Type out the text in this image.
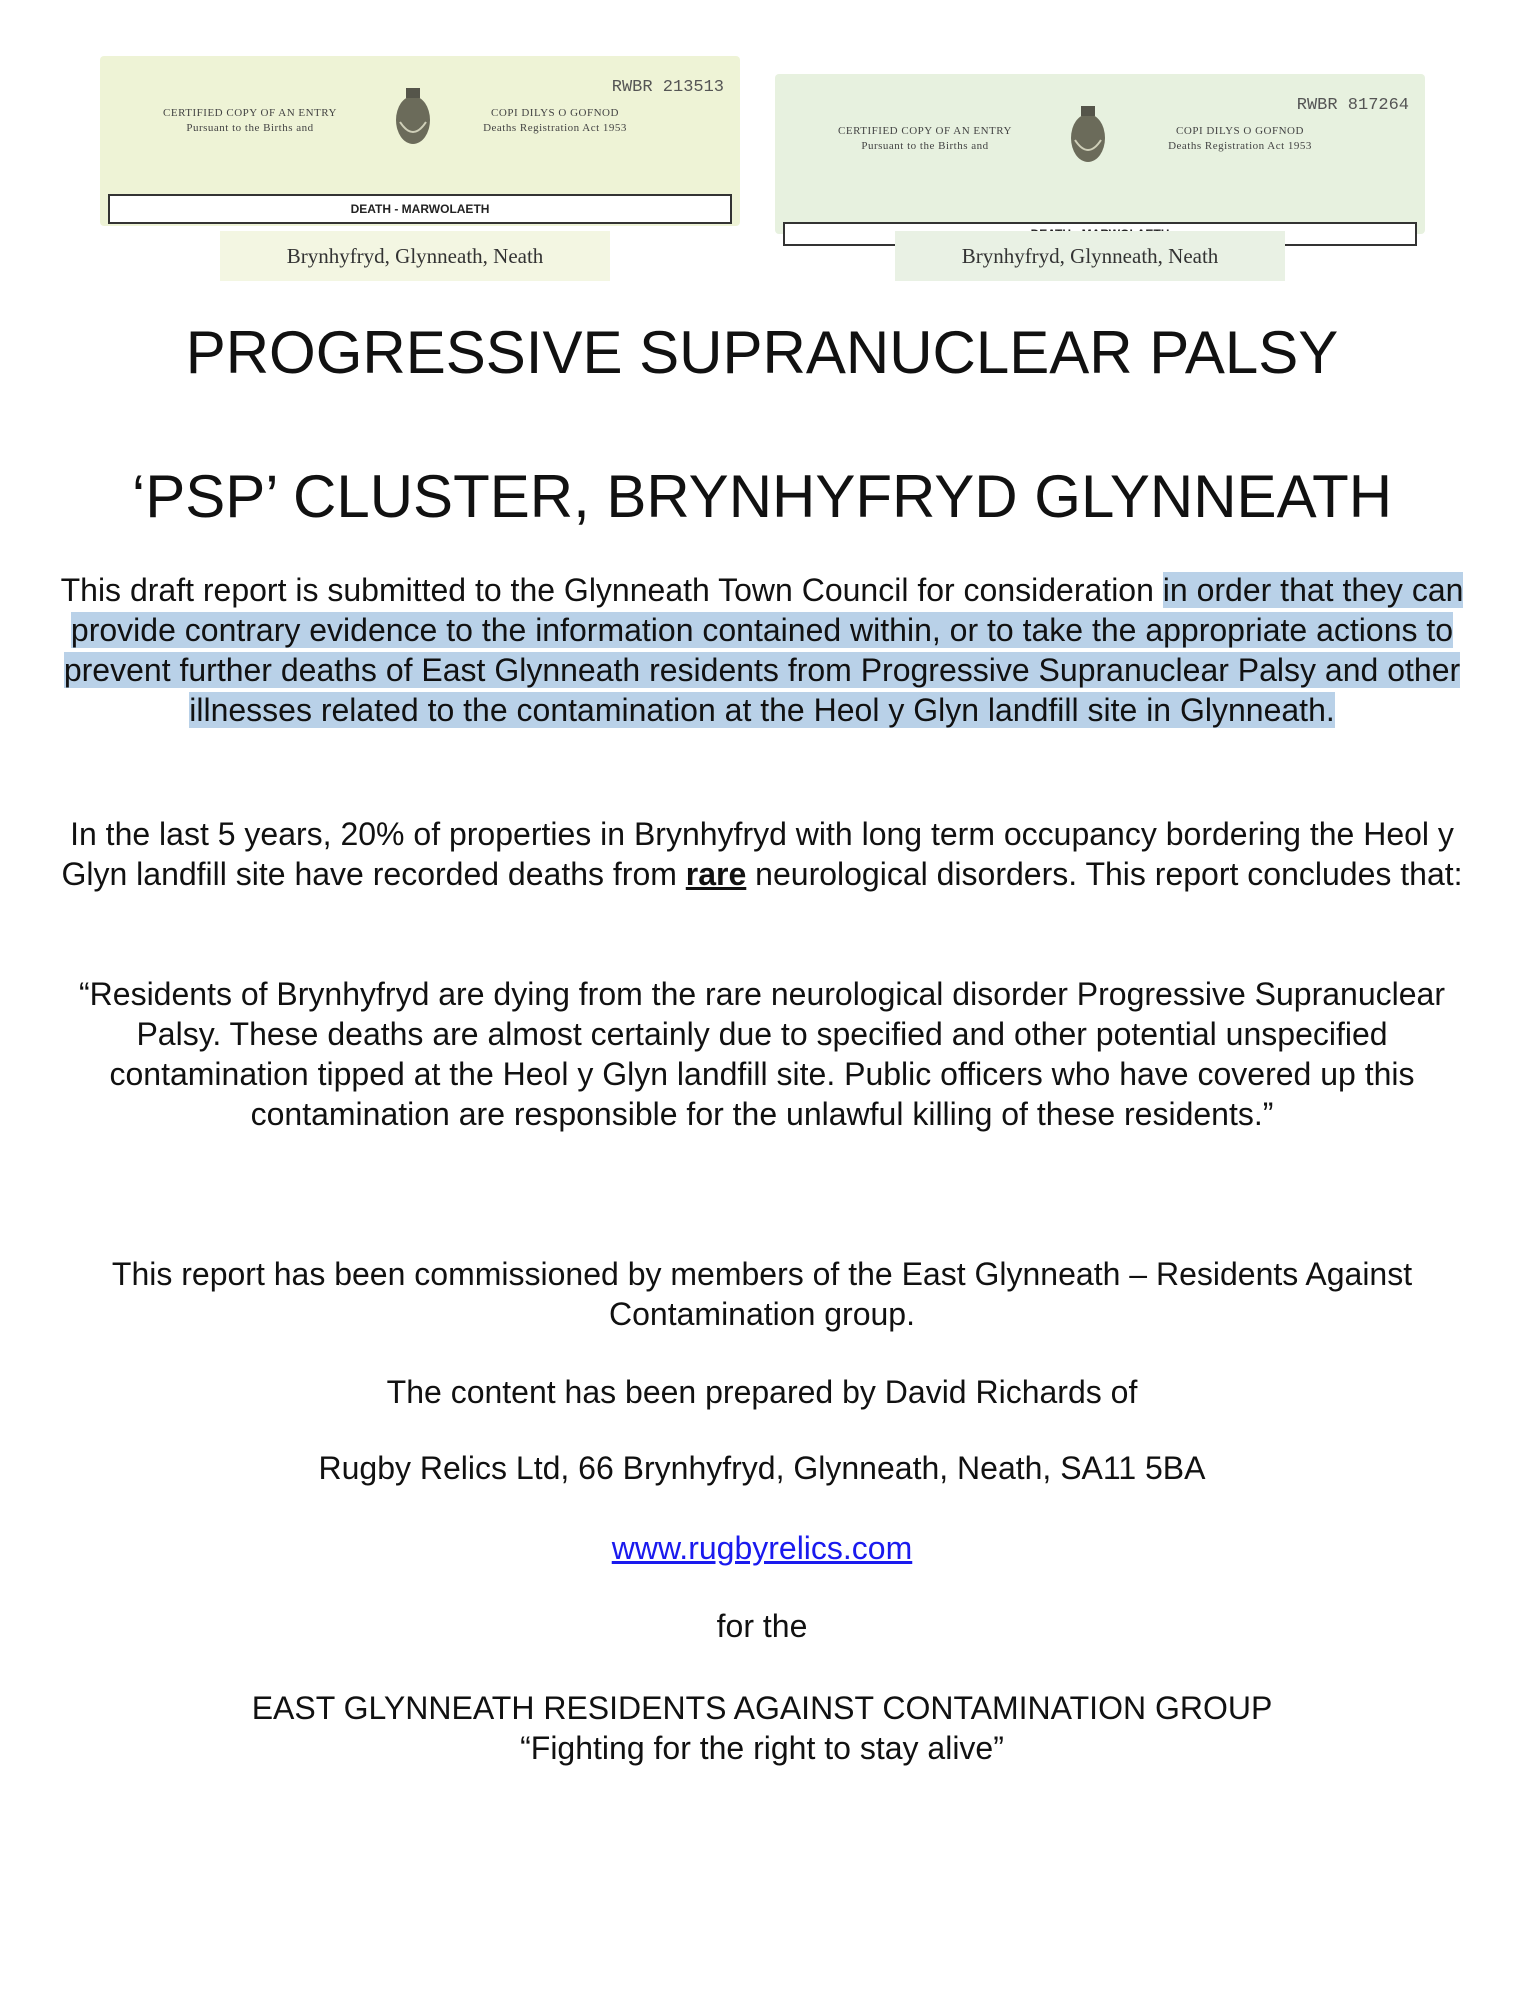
RWBR 213513
CERTIFIED COPY OF AN ENTRY
Pursuant to the Births and
COPI DILYS O GOFNOD
Deaths Registration Act 1953
DEATH - MARWOLAETH
Brynhyfryd, Glynneath, Neath
RWBR 817264
CERTIFIED COPY OF AN ENTRY
Pursuant to the Births and
COPI DILYS O GOFNOD
Deaths Registration Act 1953
Brynhyfryd, Glynneath, Neath
PROGRESSIVE SUPRANUCLEAR PALSY
‘PSP’ CLUSTER, BRYNHYFRYD GLYNNEATH

This draft report is submitted to the Glynneath Town Council for consideration in order that they can provide contrary evidence to the information contained within, or to take the appropriate actions to prevent further deaths of East Glynneath residents from Progressive Supranuclear Palsy and other illnesses related to the contamination at the Heol y Glyn landfill site in Glynneath.

In the last 5 years, 20% of properties in Brynhyfryd with long term occupancy bordering the Heol y Glyn landfill site have recorded deaths from rare neurological disorders. This report concludes that:

“Residents of Brynhyfryd are dying from the rare neurological disorder Progressive Supranuclear Palsy. These deaths are almost certainly due to specified and other potential unspecified contamination tipped at the Heol y Glyn landfill site. Public officers who have covered up this contamination are responsible for the unlawful killing of these residents.”

This report has been commissioned by members of the East Glynneath – Residents Against Contamination group.

The content has been prepared by David Richards of

Rugby Relics Ltd, 66 Brynhyfryd, Glynneath, Neath, SA11 5BA

www.rugbyrelics.com

for the

EAST GLYNNEATH RESIDENTS AGAINST CONTAMINATION GROUP

“Fighting for the right to stay alive”
